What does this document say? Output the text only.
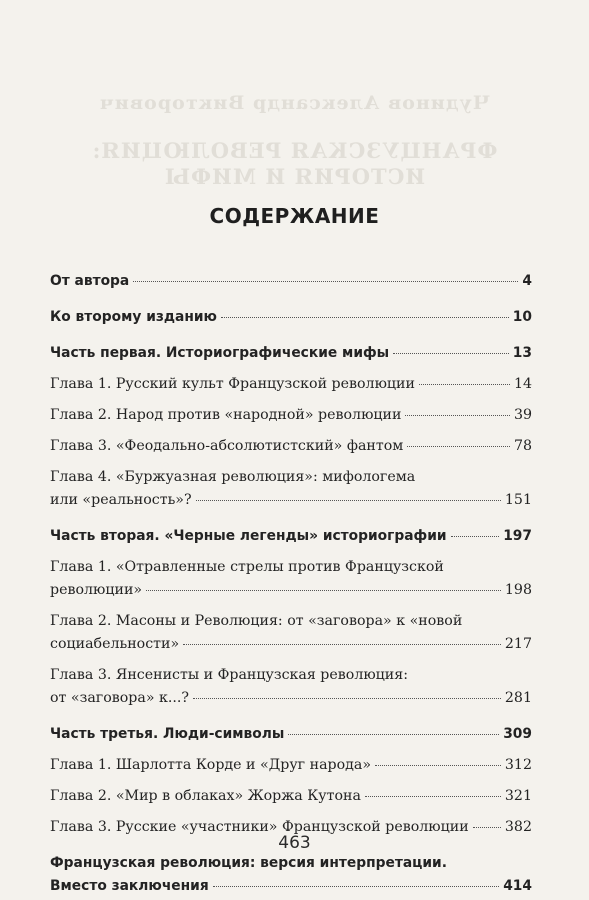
Чудинов Александр Викторович
ФРАНЦУЗСКАЯ РЕВОЛЮЦИЯ:
ИСТОРИЯ И МИФЫ
СОДЕРЖАНИЕ
От автора	4
Ко второму изданию	10
Часть первая. Историографические мифы	13
Глава 1. Русский культ Французской революции	14
Глава 2. Народ против «народной» революции	39
Глава 3. «Феодально-абсолютистский» фантом	78
Глава 4. «Буржуазная революция»: мифологема
или «реальность»?	151
Часть вторая. «Черные легенды» историографии	197
Глава 1. «Отравленные стрелы против Французской
революции»	198
Глава 2. Масоны и Революция: от «заговора» к «новой
социабельности»	217
Глава 3. Янсенисты и Французская революция:
от «заговора» к...?	281
Часть третья. Люди-символы	309
Глава 1. Шарлотта Корде и «Друг народа»	312
Глава 2. «Мир в облаках» Жоржа Кутона	321
Глава 3. Русские «участники» Французской революции	382
Французская революция: версия интерпретации.
Вместо заключения	414
463
